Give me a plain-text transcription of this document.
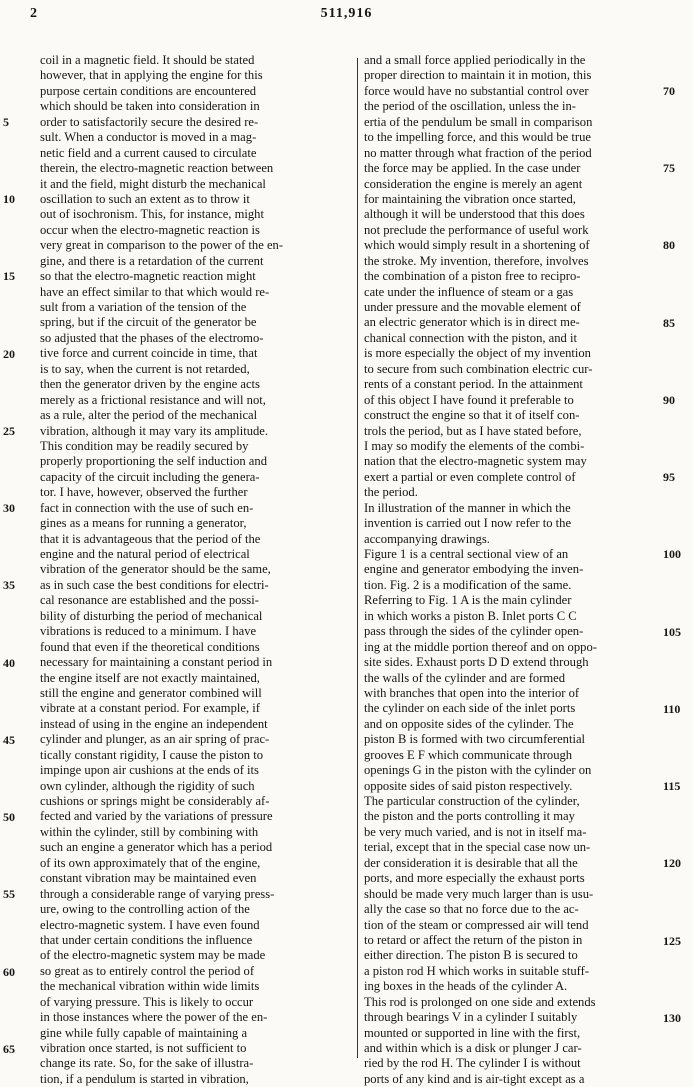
2	511,916
coil in a magnetic field. It should be stated
however, that in applying the engine for this
purpose certain conditions are encountered
which should be taken into consideration in
order to satisfactorily secure the desired re-
sult. When a conductor is moved in a mag-
netic field and a current caused to circulate
therein, the electro-magnetic reaction between
it and the field, might disturb the mechanical
oscillation to such an extent as to throw it
out of isochronism. This, for instance, might
occur when the electro-magnetic reaction is
very great in comparison to the power of the en-
gine, and there is a retardation of the current
so that the electro-magnetic reaction might
have an effect similar to that which would re-
sult from a variation of the tension of the
spring, but if the circuit of the generator be
so adjusted that the phases of the electromo-
tive force and current coincide in time, that
is to say, when the current is not retarded,
then the generator driven by the engine acts
merely as a frictional resistance and will not,
as a rule, alter the period of the mechanical
vibration, although it may vary its amplitude.
This condition may be readily secured by
properly proportioning the self induction and
capacity of the circuit including the genera-
tor. I have, however, observed the further
fact in connection with the use of such en-
gines as a means for running a generator,
that it is advantageous that the period of the
engine and the natural period of electrical
vibration of the generator should be the same,
as in such case the best conditions for electri-
cal resonance are established and the possi-
bility of disturbing the period of mechanical
vibrations is reduced to a minimum. I have
found that even if the theoretical conditions
necessary for maintaining a constant period in
the engine itself are not exactly maintained,
still the engine and generator combined will
vibrate at a constant period. For example, if
instead of using in the engine an independent
cylinder and plunger, as an air spring of prac-
tically constant rigidity, I cause the piston to
impinge upon air cushions at the ends of its
own cylinder, although the rigidity of such
cushions or springs might be considerably af-
fected and varied by the variations of pressure
within the cylinder, still by combining with
such an engine a generator which has a period
of its own approximately that of the engine,
constant vibration may be maintained even
through a considerable range of varying press-
ure, owing to the controlling action of the
electro-magnetic system. I have even found
that under certain conditions the influence
of the electro-magnetic system may be made
so great as to entirely control the period of
the mechanical vibration within wide limits
of varying pressure. This is likely to occur
in those instances where the power of the en-
gine while fully capable of maintaining a
vibration once started, is not sufficient to
change its rate. So, for the sake of illustra-
tion, if a pendulum is started in vibration,
and a small force applied periodically in the
proper direction to maintain it in motion, this
force would have no substantial control over
the period of the oscillation, unless the in-
ertia of the pendulum be small in comparison
to the impelling force, and this would be true
no matter through what fraction of the period
the force may be applied. In the case under
consideration the engine is merely an agent
for maintaining the vibration once started,
although it will be understood that this does
not preclude the performance of useful work
which would simply result in a shortening of
the stroke. My invention, therefore, involves
the combination of a piston free to recipro-
cate under the influence of steam or a gas
under pressure and the movable element of
an electric generator which is in direct me-
chanical connection with the piston, and it
is more especially the object of my invention
to secure from such combination electric cur-
rents of a constant period. In the attainment
of this object I have found it preferable to
construct the engine so that it of itself con-
trols the period, but as I have stated before,
I may so modify the elements of the combi-
nation that the electro-magnetic system may
exert a partial or even complete control of
the period.
In illustration of the manner in which the
invention is carried out I now refer to the
accompanying drawings.
Figure 1 is a central sectional view of an
engine and generator embodying the inven-
tion. Fig. 2 is a modification of the same.
Referring to Fig. 1 A is the main cylinder
in which works a piston B. Inlet ports C C
pass through the sides of the cylinder open-
ing at the middle portion thereof and on oppo-
site sides. Exhaust ports D D extend through
the walls of the cylinder and are formed
with branches that open into the interior of
the cylinder on each side of the inlet ports
and on opposite sides of the cylinder. The
piston B is formed with two circumferential
grooves E F which communicate through
openings G in the piston with the cylinder on
opposite sides of said piston respectively.
The particular construction of the cylinder,
the piston and the ports controlling it may
be very much varied, and is not in itself ma-
terial, except that in the special case now un-
der consideration it is desirable that all the
ports, and more especially the exhaust ports
should be made very much larger than is usu-
ally the case so that no force due to the ac-
tion of the steam or compressed air will tend
to retard or affect the return of the piston in
either direction. The piston B is secured to
a piston rod H which works in suitable stuff-
ing boxes in the heads of the cylinder A.
This rod is prolonged on one side and extends
through bearings V in a cylinder I suitably
mounted or supported in line with the first,
and within which is a disk or plunger J car-
ried by the rod H. The cylinder I is without
ports of any kind and is air-tight except as a
5
10
15
20
25
30
35
40
45
50
55
60
65
70
75
80
85
90
95
100
105
110
115
120
125
130
